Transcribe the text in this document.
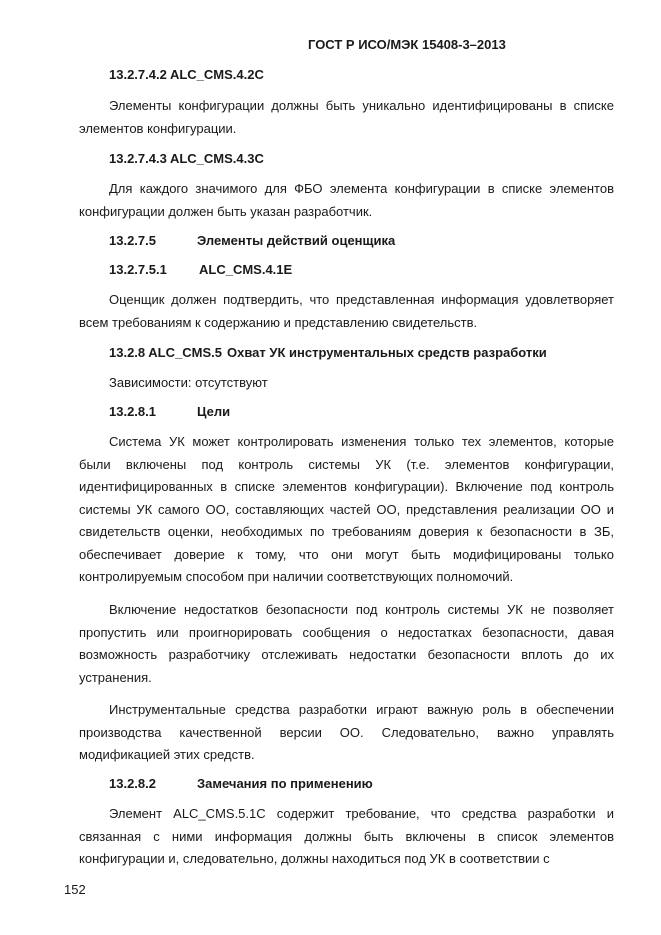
ГОСТ Р ИСО/МЭК 15408-3–2013
13.2.7.4.2 ALC_CMS.4.2C

Элементы конфигурации должны быть уникально идентифицированы в списке элементов конфигурации.

13.2.7.4.3 ALC_CMS.4.3C

Для каждого значимого для ФБО элемента конфигурации в списке элементов конфигурации должен быть указан разработчик.

13.2.7.5	Элементы действий оценщика
13.2.7.5.1 ALC_CMS.4.1E

Оценщик должен подтвердить, что представленная информация удовлетворяет всем требованиям к содержанию и представлению свидетельств.

13.2.8 ALC_CMS.5 Охват УК инструментальных средств разработки

Зависимости: отсутствуют

13.2.8.1	Цели

Система УК может контролировать изменения только тех элементов, которые были включены под контроль системы УК (т.е. элементов конфигурации, идентифицированных в списке элементов конфигурации). Включение под контроль системы УК самого ОО, составляющих частей ОО, представления реализации ОО и свидетельств оценки, необходимых по требованиям доверия к безопасности в ЗБ, обеспечивает доверие к тому, что они могут быть модифицированы только контролируемым способом при наличии соответствующих полномочий.

Включение недостатков безопасности под контроль системы УК не позволяет пропустить или проигнорировать сообщения о недостатках безопасности, давая возможность разработчику отслеживать недостатки безопасности вплоть до их устранения.

Инструментальные средства разработки играют важную роль в обеспечении производства качественной версии ОО. Следовательно, важно управлять модификацией этих средств.

13.2.8.2	Замечания по применению

Элемент ALC_CMS.5.1C содержит требование, что средства разработки и связанная с ними информация должны быть включены в список элементов конфигурации и, следовательно, должны находиться под УК в соответствии с

152
